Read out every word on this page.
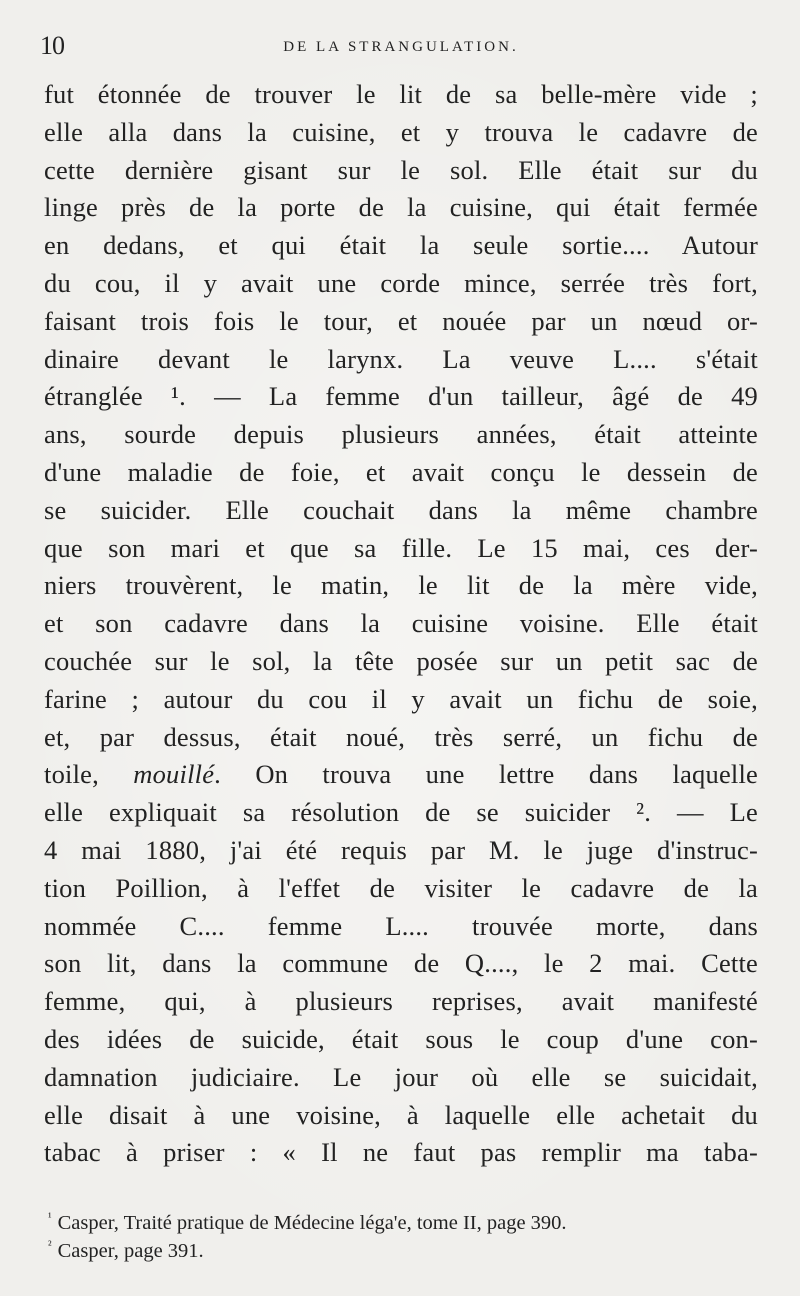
10	DE LA STRANGULATION.
fut étonnée de trouver le lit de sa belle-mère vide ;
elle alla dans la cuisine, et y trouva le cadavre de
cette dernière gisant sur le sol. Elle était sur du
linge près de la porte de la cuisine, qui était fermée
en dedans, et qui était la seule sortie.... Autour
du cou, il y avait une corde mince, serrée très fort,
faisant trois fois le tour, et nouée par un nœud or-
dinaire devant le larynx. La veuve L.... s'était
étranglée ¹. — La femme d'un tailleur, âgé de 49
ans, sourde depuis plusieurs années, était atteinte
d'une maladie de foie, et avait conçu le dessein de
se suicider. Elle couchait dans la même chambre
que son mari et que sa fille. Le 15 mai, ces der-
niers trouvèrent, le matin, le lit de la mère vide,
et son cadavre dans la cuisine voisine. Elle était
couchée sur le sol, la tête posée sur un petit sac de
farine ; autour du cou il y avait un fichu de soie,
et, par dessus, était noué, très serré, un fichu de
toile, mouillé. On trouva une lettre dans laquelle
elle expliquait sa résolution de se suicider ². — Le
4 mai 1880, j'ai été requis par M. le juge d'instruc-
tion Poillion, à l'effet de visiter le cadavre de la
nommée C.... femme L.... trouvée morte, dans
son lit, dans la commune de Q...., le 2 mai. Cette
femme, qui, à plusieurs reprises, avait manifesté
des idées de suicide, était sous le coup d'une con-
damnation judiciaire. Le jour où elle se suicidait,
elle disait à une voisine, à laquelle elle achetait du
tabac à priser : « Il ne faut pas remplir ma taba-
$^{^1}$ Casper, Traité pratique de Médecine léga'e, tome II, page 390.
$^{^2}$ Casper, page 391.
